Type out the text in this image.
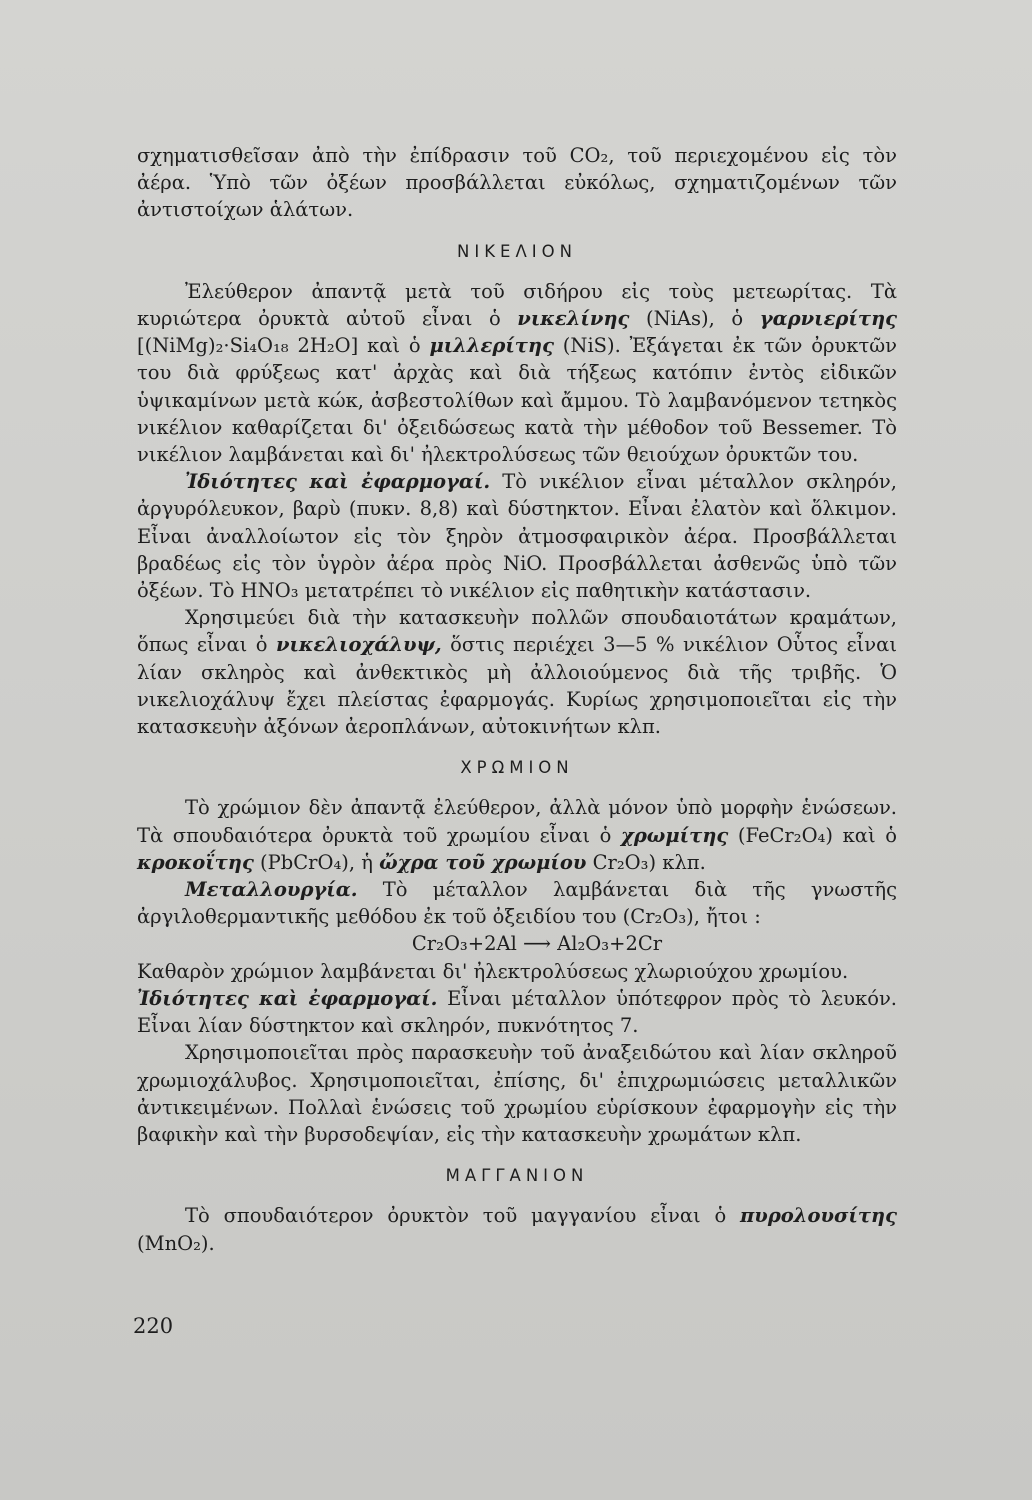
σχηματισθεῖσαν ἀπὸ τὴν ἐπίδρασιν τοῦ CO₂, τοῦ περιεχομένου εἰς τὸν ἀέρα. Ὑπὸ τῶν ὀξέων προσβάλλεται εὐκόλως, σχηματιζομένων τῶν ἀντιστοίχων ἁλάτων.

ΝΙΚΕΛΙΟΝ

Ἐλεύθερον ἀπαντᾷ μετὰ τοῦ σιδήρου εἰς τοὺς μετεωρίτας. Τὰ κυριώτερα ὀρυκτὰ αὐτοῦ εἶναι ὁ νικελίνης (NiAs), ὁ γαρνιερίτης [(NiMg)₂·Si₄O₁₈ 2H₂O] καὶ ὁ μιλλερίτης (NiS). Ἐξάγεται ἐκ τῶν ὀρυκτῶν του διὰ φρύξεως κατ' ἀρχὰς καὶ διὰ τήξεως κατόπιν ἐντὸς εἰδικῶν ὑψικαμίνων μετὰ κώκ, ἀσβεστολίθων καὶ ἄμμου. Τὸ λαμβανόμενον τετηκὸς νικέλιον καθαρίζεται δι' ὀξειδώσεως κατὰ τὴν μέθοδον τοῦ Bessemer. Τὸ νικέλιον λαμβάνεται καὶ δι' ἠλεκτρολύσεως τῶν θειούχων ὀρυκτῶν του.

Ἰδιότητες καὶ ἐφαρμογαί. Τὸ νικέλιον εἶναι μέταλλον σκληρόν, ἀργυρόλευκον, βαρὺ (πυκν. 8,8) καὶ δύστηκτον. Εἶναι ἐλατὸν καὶ ὅλκιμον. Εἶναι ἀναλλοίωτον εἰς τὸν ξηρὸν ἀτμοσφαιρικὸν ἀέρα. Προσβάλλεται βραδέως εἰς τὸν ὑγρὸν ἀέρα πρὸς NiO. Προσβάλλεται ἀσθενῶς ὑπὸ τῶν ὀξέων. Τὸ HNO₃ μετατρέπει τὸ νικέλιον εἰς παθητικὴν κατάστασιν.

Χρησιμεύει διὰ τὴν κατασκευὴν πολλῶν σπουδαιοτάτων κραμάτων, ὅπως εἶναι ὁ νικελιοχάλυψ, ὅστις περιέχει 3—5 % νικέλιον Οὗτος εἶναι λίαν σκληρὸς καὶ ἀνθεκτικὸς μὴ ἀλλοιούμενος διὰ τῆς τριβῆς. Ὁ νικελιοχάλυψ ἔχει πλείστας ἐφαρμογάς. Κυρίως χρησιμοποιεῖται εἰς τὴν κατασκευὴν ἀξόνων ἀεροπλάνων, αὐτοκινήτων κλπ.

ΧΡΩΜΙΟΝ

Τὸ χρώμιον δὲν ἀπαντᾷ ἐλεύθερον, ἀλλὰ μόνον ὑπὸ μορφὴν ἑνώσεων. Τὰ σπουδαιότερα ὀρυκτὰ τοῦ χρωμίου εἶναι ὁ χρωμίτης (FeCr₂O₄) καὶ ὁ κροκοΐτης (PbCrO₄), ἡ ὤχρα τοῦ χρωμίου Cr₂O₃) κλπ.

Μεταλλουργία. Τὸ μέταλλον λαμβάνεται διὰ τῆς γνωστῆς ἀργιλοθερμαντικῆς μεθόδου ἐκ τοῦ ὀξειδίου του (Cr₂O₃), ἤτοι :

Cr₂O₃+2Al ⟶ Al₂O₃+2Cr

Καθαρὸν χρώμιον λαμβάνεται δι' ἠλεκτρολύσεως χλωριούχου χρωμίου.

Ἰδιότητες καὶ ἐφαρμογαί. Εἶναι μέταλλον ὑπότεφρον πρὸς τὸ λευκόν. Εἶναι λίαν δύστηκτον καὶ σκληρόν, πυκνότητος 7.

Χρησιμοποιεῖται πρὸς παρασκευὴν τοῦ ἀναξειδώτου καὶ λίαν σκληροῦ χρωμιοχάλυβος. Χρησιμοποιεῖται, ἐπίσης, δι' ἐπιχρωμιώσεις μεταλλικῶν ἀντικειμένων. Πολλαὶ ἑνώσεις τοῦ χρωμίου εὑρίσκουν ἐφαρμογὴν εἰς τὴν βαφικὴν καὶ τὴν βυρσοδεψίαν, εἰς τὴν κατασκευὴν χρωμάτων κλπ.

ΜΑΓΓΑΝΙΟΝ

Τὸ σπουδαιότερον ὀρυκτὸν τοῦ μαγγανίου εἶναι ὁ πυρολουσίτης (MnO₂).

220
